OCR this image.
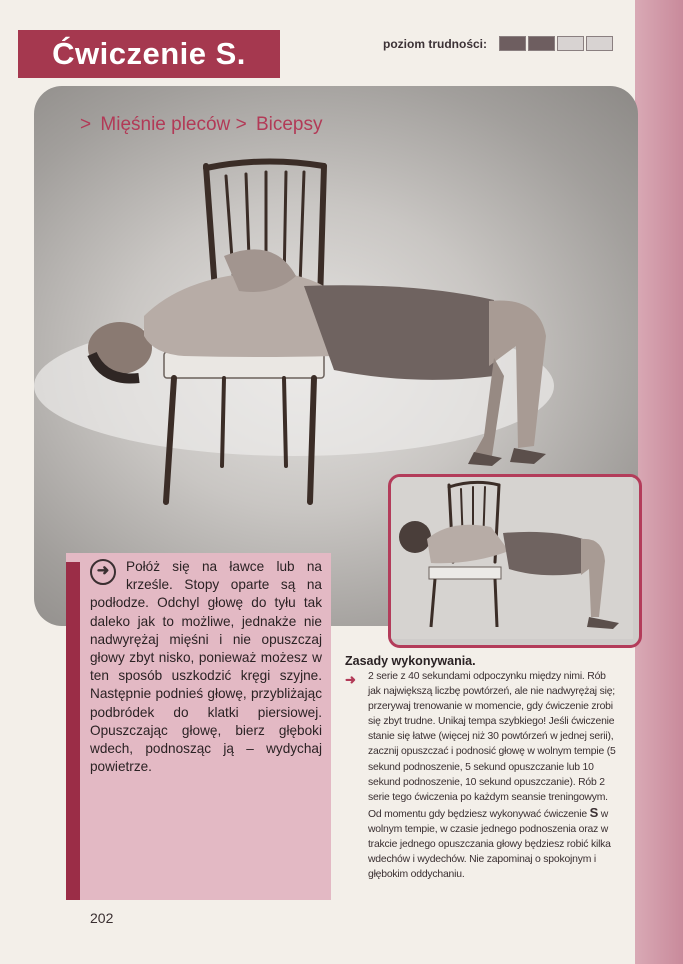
Ćwiczenie S.	poziom trudności:
> Mięśnie pleców > Bicepsy
➜	Połóż się na ławce lub na krześle. Stopy oparte są na podłodze. Odchyl głowę do tyłu tak daleko jak to możliwe, jednakże nie nadwyrężaj mięśni i nie opuszczaj głowy zbyt nisko, ponieważ możesz w ten sposób uszkodzić kręgi szyjne. Następnie podnieś głowę, przybliżając podbródek do klatki piersiowej. Opuszczając głowę, bierz głęboki wdech, podnosząc ją – wydychaj powietrze.
Zasady wykonywania.
➜ 2 serie z 40 sekundami odpoczynku między nimi. Rób jak największą liczbę powtórzeń, ale nie nadwyrężaj się; przerywaj trenowanie w momencie, gdy ćwiczenie zrobi się zbyt trudne. Unikaj tempa szybkiego! Jeśli ćwiczenie stanie się łatwe (więcej niż 30 powtórzeń w jednej serii), zacznij opuszczać i podnosić głowę w wolnym tempie (5 sekund podnoszenie, 5 sekund opuszczanie lub 10 sekund podnoszenie, 10 sekund opuszczanie). Rób 2 serie tego ćwiczenia po każdym seansie treningowym. Od momentu gdy będziesz wykonywać ćwiczenie S w wolnym tempie, w czasie jednego podnoszenia oraz w trakcie jednego opuszczania głowy będziesz robić kilka wdechów i wydechów. Nie zapominaj o spokojnym i głębokim oddychaniu.
202
